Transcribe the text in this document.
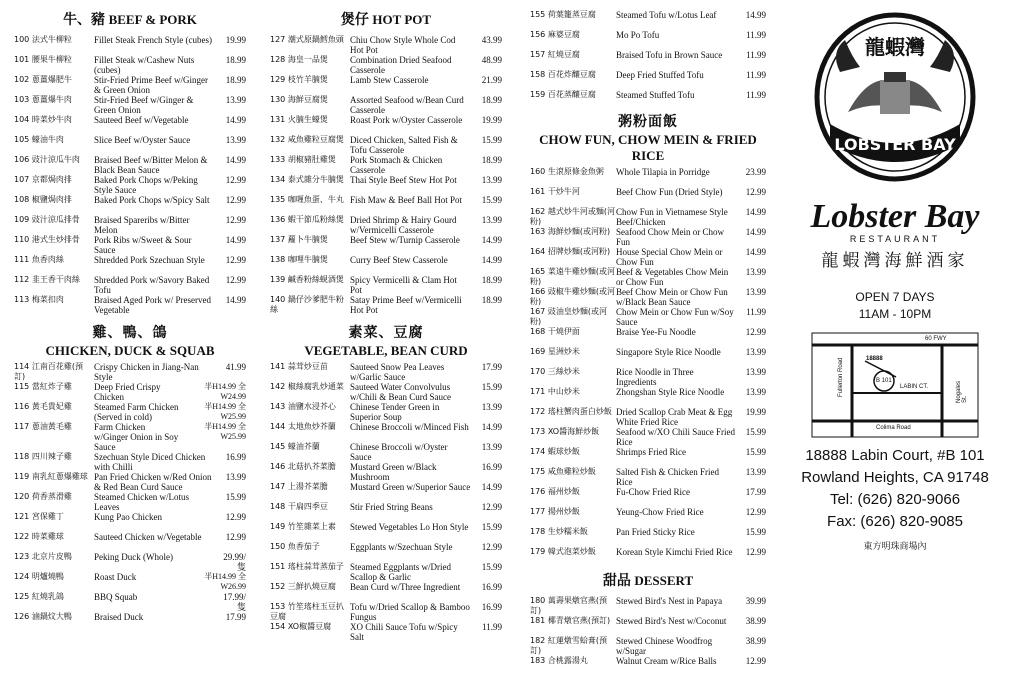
牛、豬 BEEF & PORK
100 法式牛柳粒	Fillet Steak French Style (cubes)	19.99
101 腰果牛柳粒	Fillet Steak w/Cashew Nuts (cubes)
18.99
102 蔥薑爆肥牛	Stir-Fried Prime Beef w/Ginger & Green Onion
18.99
103 蔥薑爆牛肉	Stir-Fried Beef w/Ginger & Green Onion
13.99
104 時菜炒牛肉	Sauteed Beef w/Vegetable	14.99
105 蠔油牛肉	Slice Beef w/Oyster Sauce	13.99
106 豉汁涼瓜牛肉	Braised Beef w/Bitter Melon & Black Bean Sauce
14.99
107 京都焗肉排	Baked Pork Chops w/Peking Style Sauce
12.99
108 椒鹽焗肉排	Baked Pork Chops w/Spicy Salt	12.99
109 豉汁涼瓜排骨	Braised Spareribs w/Bitter Melon
12.99
110 港式生炒排骨	Pork Ribs w/Sweet & Sour Sauce
14.99
111 魚香肉絲	Shredded Pork Szechuan Style	12.99
112 韭王香干肉絲	Shredded Pork w/Savory Baked Tofu
12.99
113 梅菜扣肉	Braised Aged Pork w/ Preserved Vegetable
14.99
雞、鴨、鴿
CHICKEN, DUCK & SQUAB
114 江南百花雞(預訂)
Crispy Chicken in Jiang-Nan Style
41.99
115 當紅炸子雞	Deep Fried Crispy Chicken
半H14.99 全W24.99
116 黃毛貴妃雞	Steamed Farm Chicken (Served in cold)
半H14.99 全W25.99
117 蔥油黃毛雞	Farm Chicken w/Ginger Onion in Soy Sauce
半H14.99 全W25.99
118 四川辣子雞	Szechuan Style Diced Chicken with Chilli
16.99
119 南乳紅蔥爆雞球 Pan Fried Chicken w/Red Onion & Red Bean Curd Sauce
13.99
120 荷香蒸滑雞	Steamed Chicken w/Lotus Leaves
15.99
121 宮保雞丁	Kung Pao Chicken	12.99
122 時菜雞球	Sauteed Chicken w/Vegetable	12.99
123 北京片皮鴨	Peking Duck (Whole)	29.99/隻
124 明爐燒鴨	Roast Duck	半H14.99 全W26.99
125 紅燒乳鴿	BBQ Squab	17.99/隻
126 滷鍋炆大鴨	Braised Duck	17.99
煲仔 HOT POT
127 潮式原鍋鱈魚頭 Chiu Chow Style Whole Cod Hot Pot
43.99
128 海皇一品煲	Combination Dried Seafood Casserole
48.99
129 枝竹羊腩煲	Lamb Stew Casserole	21.99
130 海鮮豆腐煲	Assorted Seafood w/Bean Curd Casserole
18.99
131 火腩生蠔煲	Roast Pork w/Oyster Casserole	19.99
132 咸魚雞粒豆腐煲 Diced Chicken, Salted Fish & Tofu Casserole
15.99
133 胡椒豬肚雞煲	Pork Stomach & Chicken Casserole
18.99
134 泰式雜分牛腩煲 Thai Style Beef Stew Hot Pot	13.99
135 咖喱魚蛋、牛丸 Fish Maw & Beef Ball Hot Pot	15.99
136 蝦干節瓜粉絲煲 Dried Shrimp & Hairy Gourd w/Vermicelli Casserole
13.99
137 蘿卜牛腩煲	Beef Stew w/Turnip Casserole	14.99
138 咖哩牛腩煲	Curry Beef Stew Casserole	14.99
139 鹹香粉絲蜆酒煲 Spicy Vermicelli & Clam Hot Pot
18.99
140 鍋仔沙爹肥牛粉絲
Satay Prime Beef w/Vermicelli Hot Pot
18.99
素菜、豆腐
VEGETABLE, BEAN CURD
141 蒜茸炒豆苗	Sauteed Snow Pea Leaves w/Garlic Sauce
17.99
142 椒絲腐乳炒通菜 Sauteed Water Convolvulus w/Chili & Bean Curd Sauce
15.99
143 油鹽水浸芥心	Chinese Tender Green in Superior Soup
13.99
144 太地魚炒芥蘭	Chinese Broccoli w/Minced Fish	14.99
145 蠔油芥蘭	Chinese Broccoli w/Oyster Sauce
13.99
146 北菇扒芥菜膽	Mustard Green w/Black Mushroom
16.99
147 上湯芥菜膽	Mustard Green w/Superior Sauce	14.99
148 干扁四季豆	Stir Fried String Beans	12.99
149 竹笙雜菜上素	Stewed Vegetables Lo Hon Style	15.99
150 魚香茄子	Eggplants w/Szechuan Style	12.99
151 瑤柱蒜茸蒸茄子 Steamed Eggplants w/Dried Scallop & Garlic
15.99
152 三鮮扒燒豆腐	Bean Curd w/Three Ingredient	16.99
153 竹笙瑤柱玉豆扒豆腐
Tofu w/Dried Scallop & Bamboo Fungus
16.99
154 XO椒醬豆腐	XO Chili Sauce Tofu w/Spicy Salt
11.99
155 荷葉籠蒸豆腐	Steamed Tofu w/Lotus Leaf	14.99
156 麻婆豆腐	Mo Po Tofu	11.99
157 紅燒豆腐	Braised Tofu in Brown Sauce	11.99
158 百花炸釀豆腐	Deep Fried Stuffed Tofu	11.99
159 百花蒸釀豆腐	Steamed Stuffed Tofu	11.99
粥粉面飯
CHOW FUN, CHOW MEIN & FRIED RICE
160 生滾原條金魚粥	Whole Tilapia in Porridge	23.99
161 干炒牛河	Beef Chow Fun (Dried Style)	12.99
162 越式炒牛河或麵(河粉)
Chow Fun in Vietnamese Style Beef/Chicken
14.99
163 海鮮炒麵(或河粉) Seafood Chow Mein or Chow Fun
14.99
164 招牌炒麵(或河粉) House Special Chow Mein or Chow Fun
14.99
165 菜遠牛雞炒麵(或河粉)
Beef & Vegetables Chow Mein or Chow Fun
13.99
166 豉椒牛雞炒麵(或河粉)
Beef Chow Mein or Chow Fun w/Black Bean Sauce
13.99
167 豉油皇炒麵(或河粉)
Chow Mein or Chow Fun w/Soy Sauce
11.99
168 干燒伊面	Braise Yee-Fu Noodle	12.99
169 星洲炒米	Singapore Style Rice Noodle	13.99
170 三絲炒米	Rice Noodle in Three Ingredients
13.99
171 中山炒米	Zhongshan Style Rice Noodle	13.99
172 瑤柱蟹肉蛋白炒飯 Dried Scallop Crab Meat & Egg White Fried Rice
19.99
173 XO醬海鮮炒飯	Seafood w/XO Chili Sauce Fried Rice
15.99
174 蝦球炒飯	Shrimps Fried Rice	15.99
175 咸魚雞粒炒飯	Salted Fish & Chicken Fried Rice
13.99
176 福州炒飯	Fu-Chow Fried Rice	17.99
177 揚州炒飯	Yeung-Chow Fried Rice	12.99
178 生炒糯米飯	Pan Fried Sticky Rice	15.99
179 韓式泡菜炒飯	Korean Style Kimchi Fried Rice	12.99
甜品 DESSERT
180 萬壽果燉官燕(預訂)
Stewed Bird's Nest in Papaya	39.99
181 椰青燉官燕(預訂) Stewed Bird's Nest w/Coconut	38.99
182 紅蓮燉雪蛤膏(預訂)
Stewed Chinese Woodfrog w/Sugar
38.99
183 合桃露湯丸	Walnut Cream w/Rice Balls	12.99
LOBSTER BAY
龍蝦灣
Lobster Bay
RESTAURANT
龍蝦灣海鮮酒家
OPEN 7 DAYS
11AM - 10PM
60 FWY
18888
B 101
LABIN CT.
Fullerton Road	Nogales St.
Colima Road
18888 Labin Court, #B 101
Rowland Heights, CA 91748
Tel: (626) 820-9066
Fax: (626) 820-9085
東方明珠商場內
